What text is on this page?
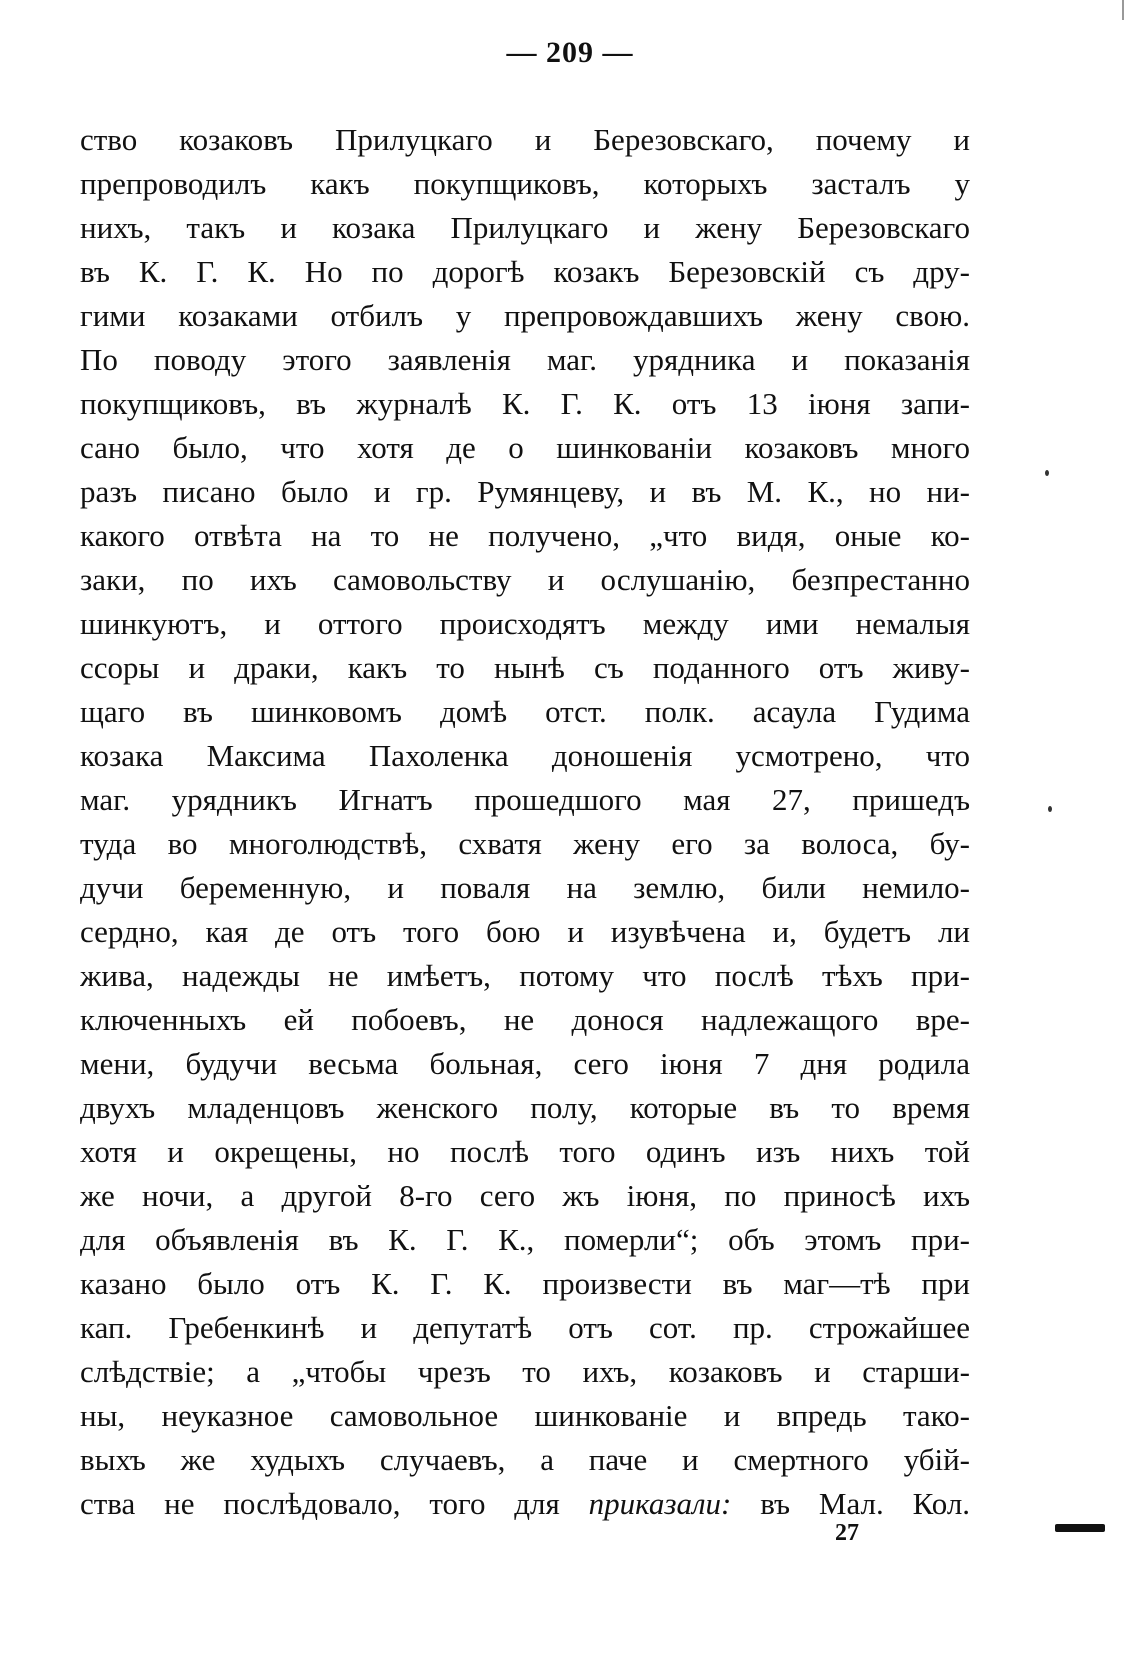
— 209 —
ство козаковъ Прилуцкаго и Березовскаго, почему и
препроводилъ какъ покупщиковъ, которыхъ засталъ у
нихъ, такъ и козака Прилуцкаго и жену Березовскаго
въ К. Г. К. Но по дорогѣ козакъ Березовскій съ дру-
гими козаками отбилъ у препровождавшихъ жену свою.
По поводу этого заявленія маг. урядника и показанія
покупщиковъ, въ журналѣ К. Г. К. отъ 13 іюня запи-
сано было, что хотя де о шинкованіи козаковъ много
разъ писано было и гр. Румянцеву, и въ М. К., но ни-
какого отвѣта на то не получено, „что видя, оные ко-
заки, по ихъ самовольству и ослушанію, безпрестанно
шинкуютъ, и оттого происходятъ между ими немалыя
ссоры и драки, какъ то нынѣ съ поданного отъ живу-
щаго въ шинковомъ домѣ отст. полк. асаула Гудима
козака Максима Пахоленка доношенія усмотрено, что
маг. урядникъ Игнатъ прошедшого мая 27, пришедъ
туда во многолюдствѣ, схватя жену его за волоса, бу-
дучи беременную, и поваля на землю, били немило-
сердно, кая де отъ того бою и изувѣчена и, будетъ ли
жива, надежды не имѣетъ, потому что послѣ тѣхъ при-
ключенныхъ ей побоевъ, не донося надлежащого вре-
мени, будучи весьма больная, сего іюня 7 дня родила
двухъ младенцовъ женского полу, которые въ то время
хотя и окрещены, но послѣ того одинъ изъ нихъ той
же ночи, а другой 8-го сего жъ іюня, по приносѣ ихъ
для объявленія въ К. Г. К., померли“; объ этомъ при-
казано было отъ К. Г. К. произвести въ маг—тѣ при
кап. Гребенкинѣ и депутатѣ отъ сот. пр. строжайшее
слѣдствіе; а „чтобы чрезъ то ихъ, козаковъ и старши-
ны, неуказное самовольное шинкованіе и впредь тако-
выхъ же худыхъ случаевъ, а паче и смертного убій-
ства не послѣдовало, того для приказали: въ Мал. Кол.
27
